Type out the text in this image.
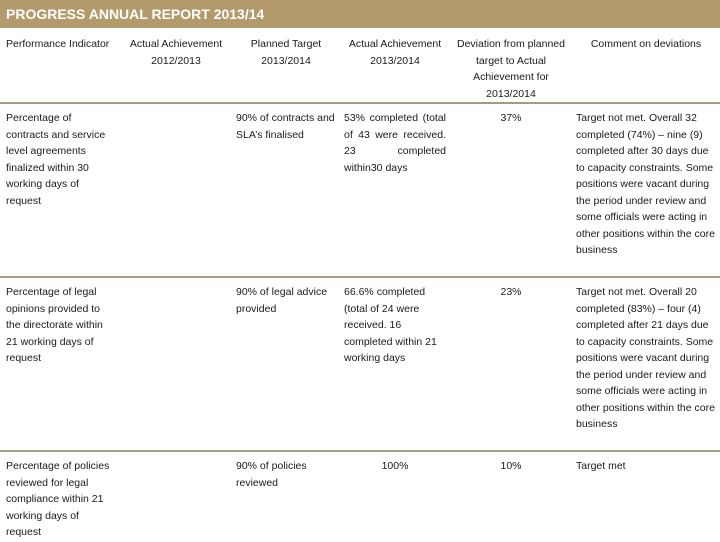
PROGRESS ANNUAL REPORT 2013/14
Performance Indicator	Actual Achievement 2012/2013	Planned Target 2013/2014	Actual Achievement 2013/2014	Deviation from planned target to Actual Achievement for 2013/2014	Comment on deviations
Percentage of contracts and service level agreements finalized within 30 working days of request		90% of contracts and SLA’s finalised	53% completed (total of 43 were received. 23 completed within30 days	37%	Target not met. Overall 32 completed (74%) – nine (9) completed after 30 days due to capacity constraints. Some positions were vacant during the period under review and some officials were acting in other positions within the core business
Percentage of legal opinions provided to the directorate within 21 working days of request		90% of legal advice provided	66.6% completed (total of 24 were received. 16 completed within 21 working days	23%	Target not met. Overall 20 completed (83%) – four (4) completed after 21 days due to capacity constraints. Some positions were vacant during the period under review and some officials were acting in other positions within the core business
Percentage of policies reviewed for legal compliance within 21 working days of request		90% of policies reviewed	100%	10%	Target met
